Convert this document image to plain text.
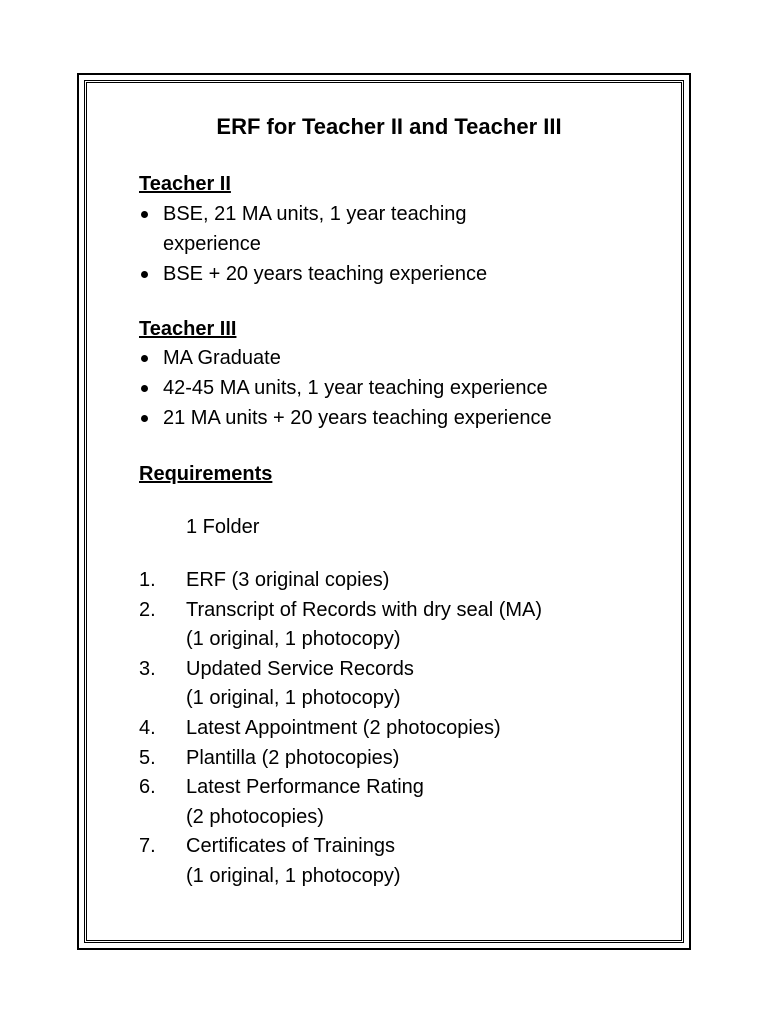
ERF for Teacher II and Teacher III
Teacher II
BSE, 21 MA units, 1 year teaching experience
BSE + 20 years teaching experience
Teacher III
MA Graduate
42-45 MA units, 1 year teaching experience
21 MA units + 20 years teaching experience
Requirements
1 Folder
1. ERF (3 original copies)
2. Transcript of Records with dry seal (MA)
(1 original, 1 photocopy)
3. Updated Service Records
(1 original, 1 photocopy)
4. Latest Appointment (2 photocopies)
5. Plantilla (2 photocopies)
6. Latest Performance Rating
(2 photocopies)
7. Certificates of Trainings
(1 original, 1 photocopy)
